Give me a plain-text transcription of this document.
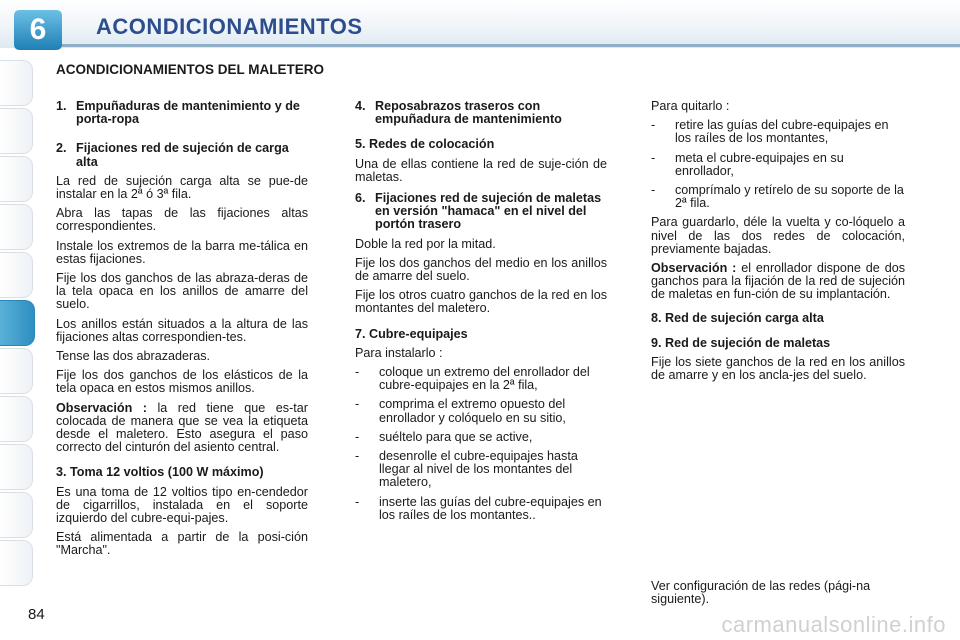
6	ACONDICIONAMIENTOS
ACONDICIONAMIENTOS DEL MALETERO
1. Empuñaduras de mantenimiento y de porta-ropa
2. Fijaciones red de sujeción de carga alta

La red de sujeción carga alta se pue-de instalar en la 2ª ó 3ª fila.

Abra las tapas de las fijaciones altas correspondientes.

Instale los extremos de la barra me-tálica en estas fijaciones.

Fije los dos ganchos de las abraza-deras de la tela opaca en los anillos de amarre del suelo.

Los anillos están situados a la altura de las fijaciones altas correspondien-tes.

Tense las dos abrazaderas.

Fije los dos ganchos de los elásticos de la tela opaca en estos mismos anillos.

Observación : la red tiene que es-tar colocada de manera que se vea la etiqueta desde el maletero. Esto asegura el paso correcto del cinturón del asiento central.

3. Toma 12 voltios (100 W máximo)

Es una toma de 12 voltios tipo en-cendedor de cigarrillos, instalada en el soporte izquierdo del cubre-equi-pajes.

Está alimentada a partir de la posi-ción "Marcha".

4. Reposabrazos traseros con empuñadura de mantenimiento
5. Redes de colocación

Una de ellas contiene la red de suje-ción de maletas.

6. Fijaciones red de sujeción de maletas en versión "hamaca" en el nivel del portón trasero

Doble la red por la mitad.

Fije los dos ganchos del medio en los anillos de amarre del suelo.

Fije los otros cuatro ganchos de la red en los montantes del maletero.

7. Cubre-equipajes

Para instalarlo :

-	coloque un extremo del enrollador del cubre-equipajes en la 2ª fila,
-	comprima el extremo opuesto del enrollador y colóquelo en su sitio,
-	suéltelo para que se active,
-	desenrolle el cubre-equipajes hasta llegar al nivel de los montantes del maletero,
-	inserte las guías del cubre-equipajes en los raíles de los montantes..

Para quitarlo :

-	retire las guías del cubre-equipajes en los raíles de los montantes,
-	meta el cubre-equipajes en su enrollador,
-	comprímalo y retírelo de su soporte de la 2ª fila.

Para guardarlo, déle la vuelta y co-lóquelo a nivel de las dos redes de colocación, previamente bajadas.

Observación : el enrollador dispone de dos ganchos para la fijación de la red de sujeción de maletas en fun-ción de su implantación.

8. Red de sujeción carga alta
9. Red de sujeción de maletas

Fije los siete ganchos de la red en los anillos de amarre y en los ancla-jes del suelo.

Ver configuración de las redes (pági-na siguiente).
84	carmanualsonline.info
